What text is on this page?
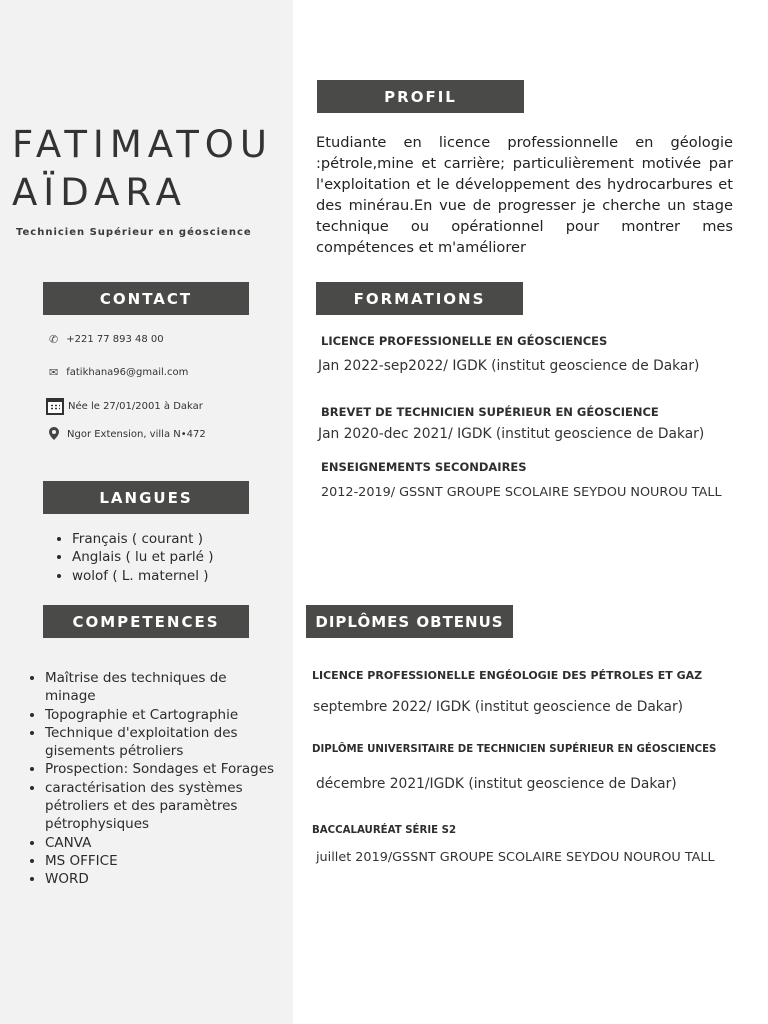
FATIMATOU
AÏDARA
Technicien Supérieur en géoscience
CONTACT
✆ +221 77 893 48 00
✉ fatikhana96@gmail.com
Née le 27/01/2001 à Dakar
Ngor Extension, villa N•472
LANGUES
• Français ( courant )
• Anglais ( lu et parlé )
• wolof ( L. maternel )
COMPETENCES
• Maîtrise des techniques de minage
• Topographie et Cartographie
• Technique d'exploitation des gisements pétroliers
• Prospection: Sondages et Forages
• caractérisation des systèmes pétroliers et des paramètres pétrophysiques
• CANVA
• MS OFFICE
• WORD
PROFIL
Etudiante en licence professionnelle en géologie :pétrole,mine et carrière; particulièrement motivée par l'exploitation et le développement des hydrocarbures et des minérau.En vue de progresser je cherche un stage technique ou opérationnel pour montrer mes compétences et m'améliorer
FORMATIONS
LICENCE PROFESSIONELLE EN GÉOSCIENCES
Jan 2022-sep2022/ IGDK (institut geoscience de Dakar)
BREVET DE TECHNICIEN SUPÉRIEUR EN GÉOSCIENCE
Jan 2020-dec 2021/ IGDK (institut geoscience de Dakar)
ENSEIGNEMENTS SECONDAIRES
2012-2019/ GSSNT GROUPE SCOLAIRE SEYDOU NOUROU TALL
DIPLÔMES OBTENUS
LICENCE PROFESSIONELLE ENGÉOLOGIE DES PÉTROLES ET GAZ
septembre 2022/ IGDK (institut geoscience de Dakar)
DIPLÔME UNIVERSITAIRE DE TECHNICIEN SUPÉRIEUR EN GÉOSCIENCES
décembre 2021/IGDK (institut geoscience de Dakar)
BACCALAURÉAT SÉRIE S2
juillet 2019/GSSNT GROUPE SCOLAIRE SEYDOU NOUROU TALL
